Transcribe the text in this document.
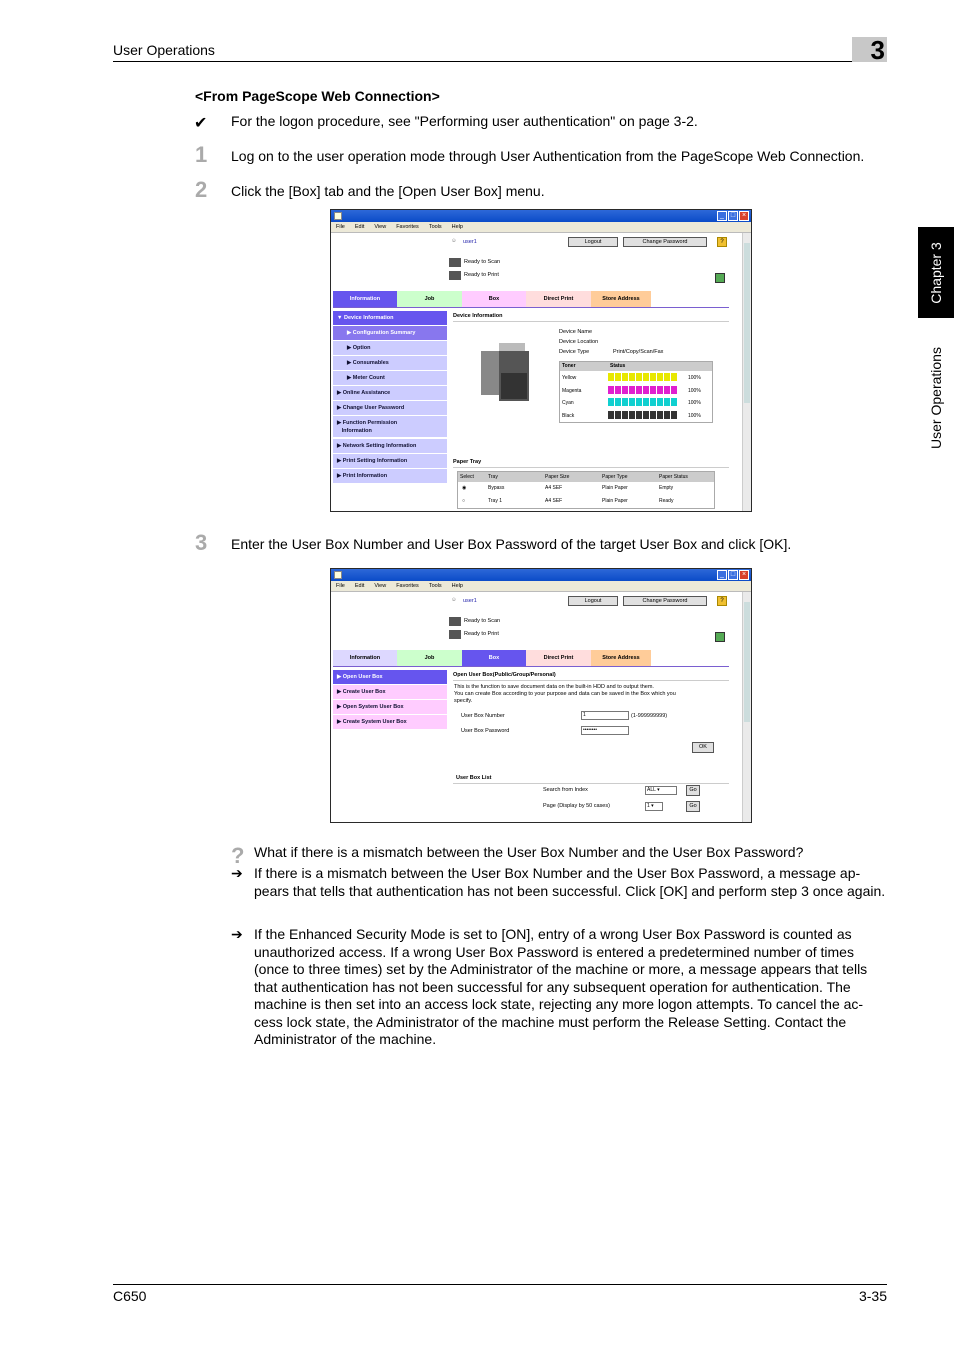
User Operations	3
Chapter 3
User Operations
<From PageScope Web Connection>
✔ For the logon procedure, see "Performing user authentication" on page 3-2.
1 Log on to the user operation mode through User Authentication from the PageScope Web Connection.
2 Click the [Box] tab and the [Open User Box] menu.
_ □ ×
File Edit View Favorites Tools Help
☺ user1	Logout	Change Password	?
Ready to Scan
Ready to Print
Information	Job	Box	Direct Print	Store Address
▼ Device Information
▶ Configuration Summary
▶ Option
▶ Consumables
▶ Meter Count
▶ Online Assistance
▶ Change User Password
▶ Function Permission
Information
▶ Network Setting Information
▶ Print Setting Information
▶ Print Information
Device Information
Device Name
Device Location
Device Type	Print/Copy/Scan/Fax
Toner	Status
Yellow	100%
Magenta	100%
Cyan	100%
Black	100%
Paper Tray
Select	Tray	Paper Size	Paper Type	Paper Status
◉	Bypass	A4 SEF	Plain Paper	Empty
○	Tray 1	A4 SEF	Plain Paper	Ready
3 Enter the User Box Number and User Box Password of the target User Box and click [OK].
_ □ ×
File Edit View Favorites Tools Help
☺ user1	Logout	Change Password	?
Ready to Scan
Ready to Print
Information	Job	Box	Direct Print	Store Address
▶ Open User Box
▶ Create User Box
▶ Open System User Box
▶ Create System User Box
Open User Box(Public/Group/Personal)
This is the function to save document data on the built-in HDD and to output them.
You can create Box according to your purpose and data can be saved in the Box which you
specify.
User Box Number	1	(1-999999999)
User Box Password	••••••••
OK
User Box List
Search from Index	ALL ▾	Go
Page (Display by 50 cases)	1 ▾	Go
? What if there is a mismatch between the User Box Number and the User Box Password?
➔ If there is a mismatch between the User Box Number and the User Box Password, a message ap-pears that tells that authentication has not been successful. Click [OK] and perform step 3 once again.
➔ If the Enhanced Security Mode is set to [ON], entry of a wrong User Box Password is counted as unauthorized access. If a wrong User Box Password is entered a predetermined number of times (once to three times) set by the Administrator of the machine or more, a message appears that tells that authentication has not been successful for any subsequent operation for authentication. The machine is then set into an access lock state, rejecting any more logon attempts. To cancel the ac-cess lock state, the Administrator of the machine must perform the Release Setting. Contact the Administrator of the machine.
C650	3-35
